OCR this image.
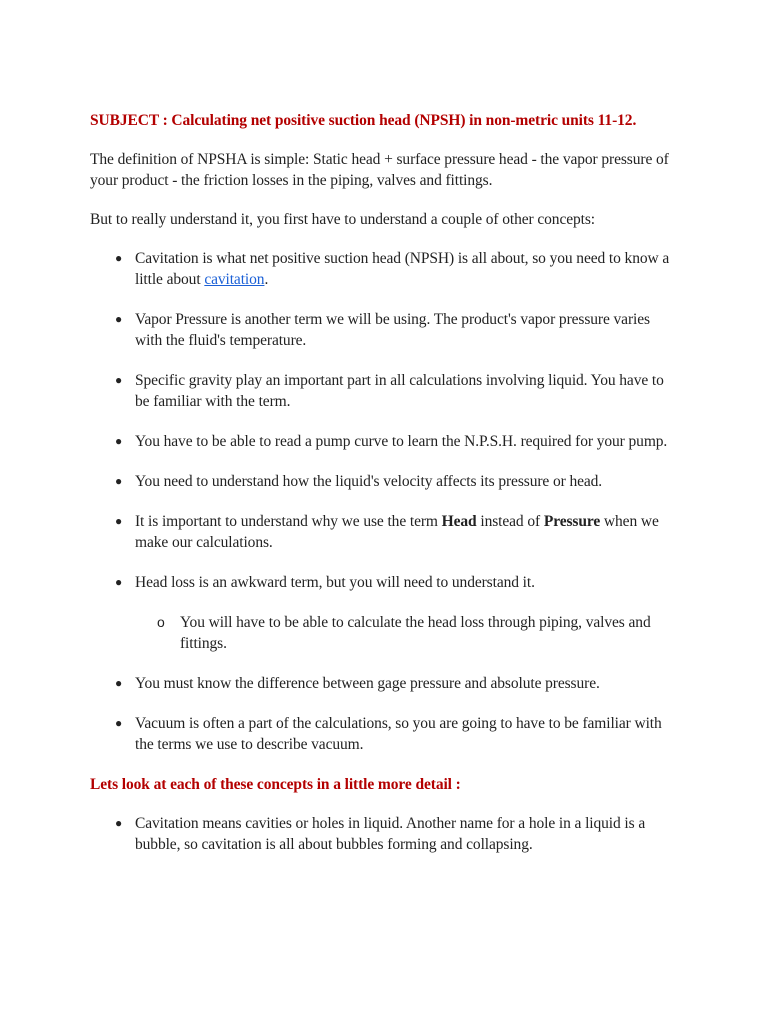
SUBJECT : Calculating net positive suction head (NPSH) in non-metric units 11-12.

The definition of NPSHA is simple: Static head + surface pressure head - the vapor pressure of your product - the friction losses in the piping, valves and fittings.

But to really understand it, you first have to understand a couple of other concepts:

● Cavitation is what net positive suction head (NPSH) is all about, so you need to know a little about cavitation.
● Vapor Pressure is another term we will be using. The product's vapor pressure varies with the fluid's temperature.
● Specific gravity play an important part in all calculations involving liquid. You have to be familiar with the term.
● You have to be able to read a pump curve to learn the N.P.S.H. required for your pump.
● You need to understand how the liquid's velocity affects its pressure or head.
● It is important to understand why we use the term Head instead of Pressure when we make our calculations.
● Head loss is an awkward term, but you will need to understand it.
o You will have to be able to calculate the head loss through piping, valves and fittings.
● You must know the difference between gage pressure and absolute pressure.
● Vacuum is often a part of the calculations, so you are going to have to be familiar with the terms we use to describe vacuum.

Lets look at each of these concepts in a little more detail :

● Cavitation means cavities or holes in liquid. Another name for a hole in a liquid is a bubble, so cavitation is all about bubbles forming and collapsing.
